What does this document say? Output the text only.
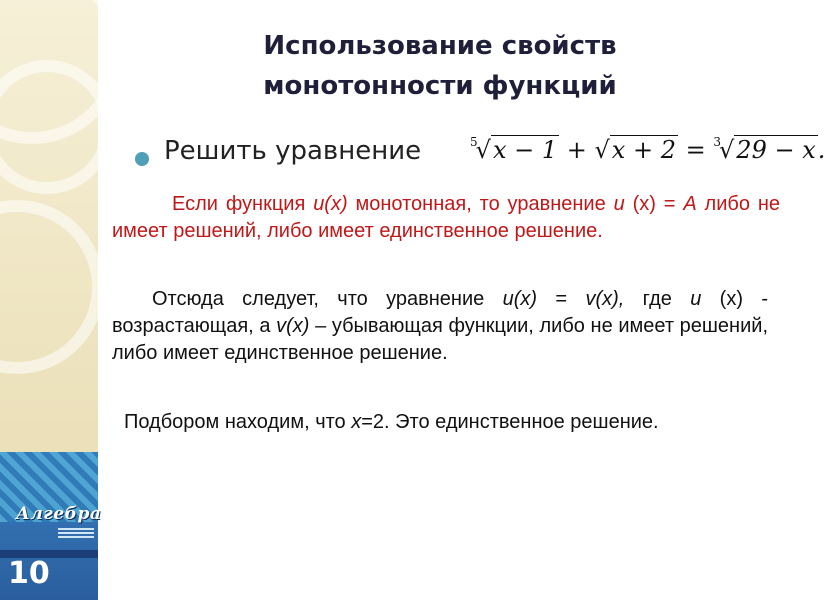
Использование свойств
монотонности функций
Решить уравнение	$^5$√x − 1 + √x + 2 = $^3$√29 − x.

Если функция u(x) монотонная, то уравнение u (x) = A либо не имеет решений, либо имеет единственное решение.

Отсюда следует, что уравнение u(x) = v(x), где u (x) - возрастающая, а v(x) – убывающая функции, либо не имеет решений, либо имеет единственное решение.

Подбором находим, что x=2. Это единственное решение.

Алгебра
10
